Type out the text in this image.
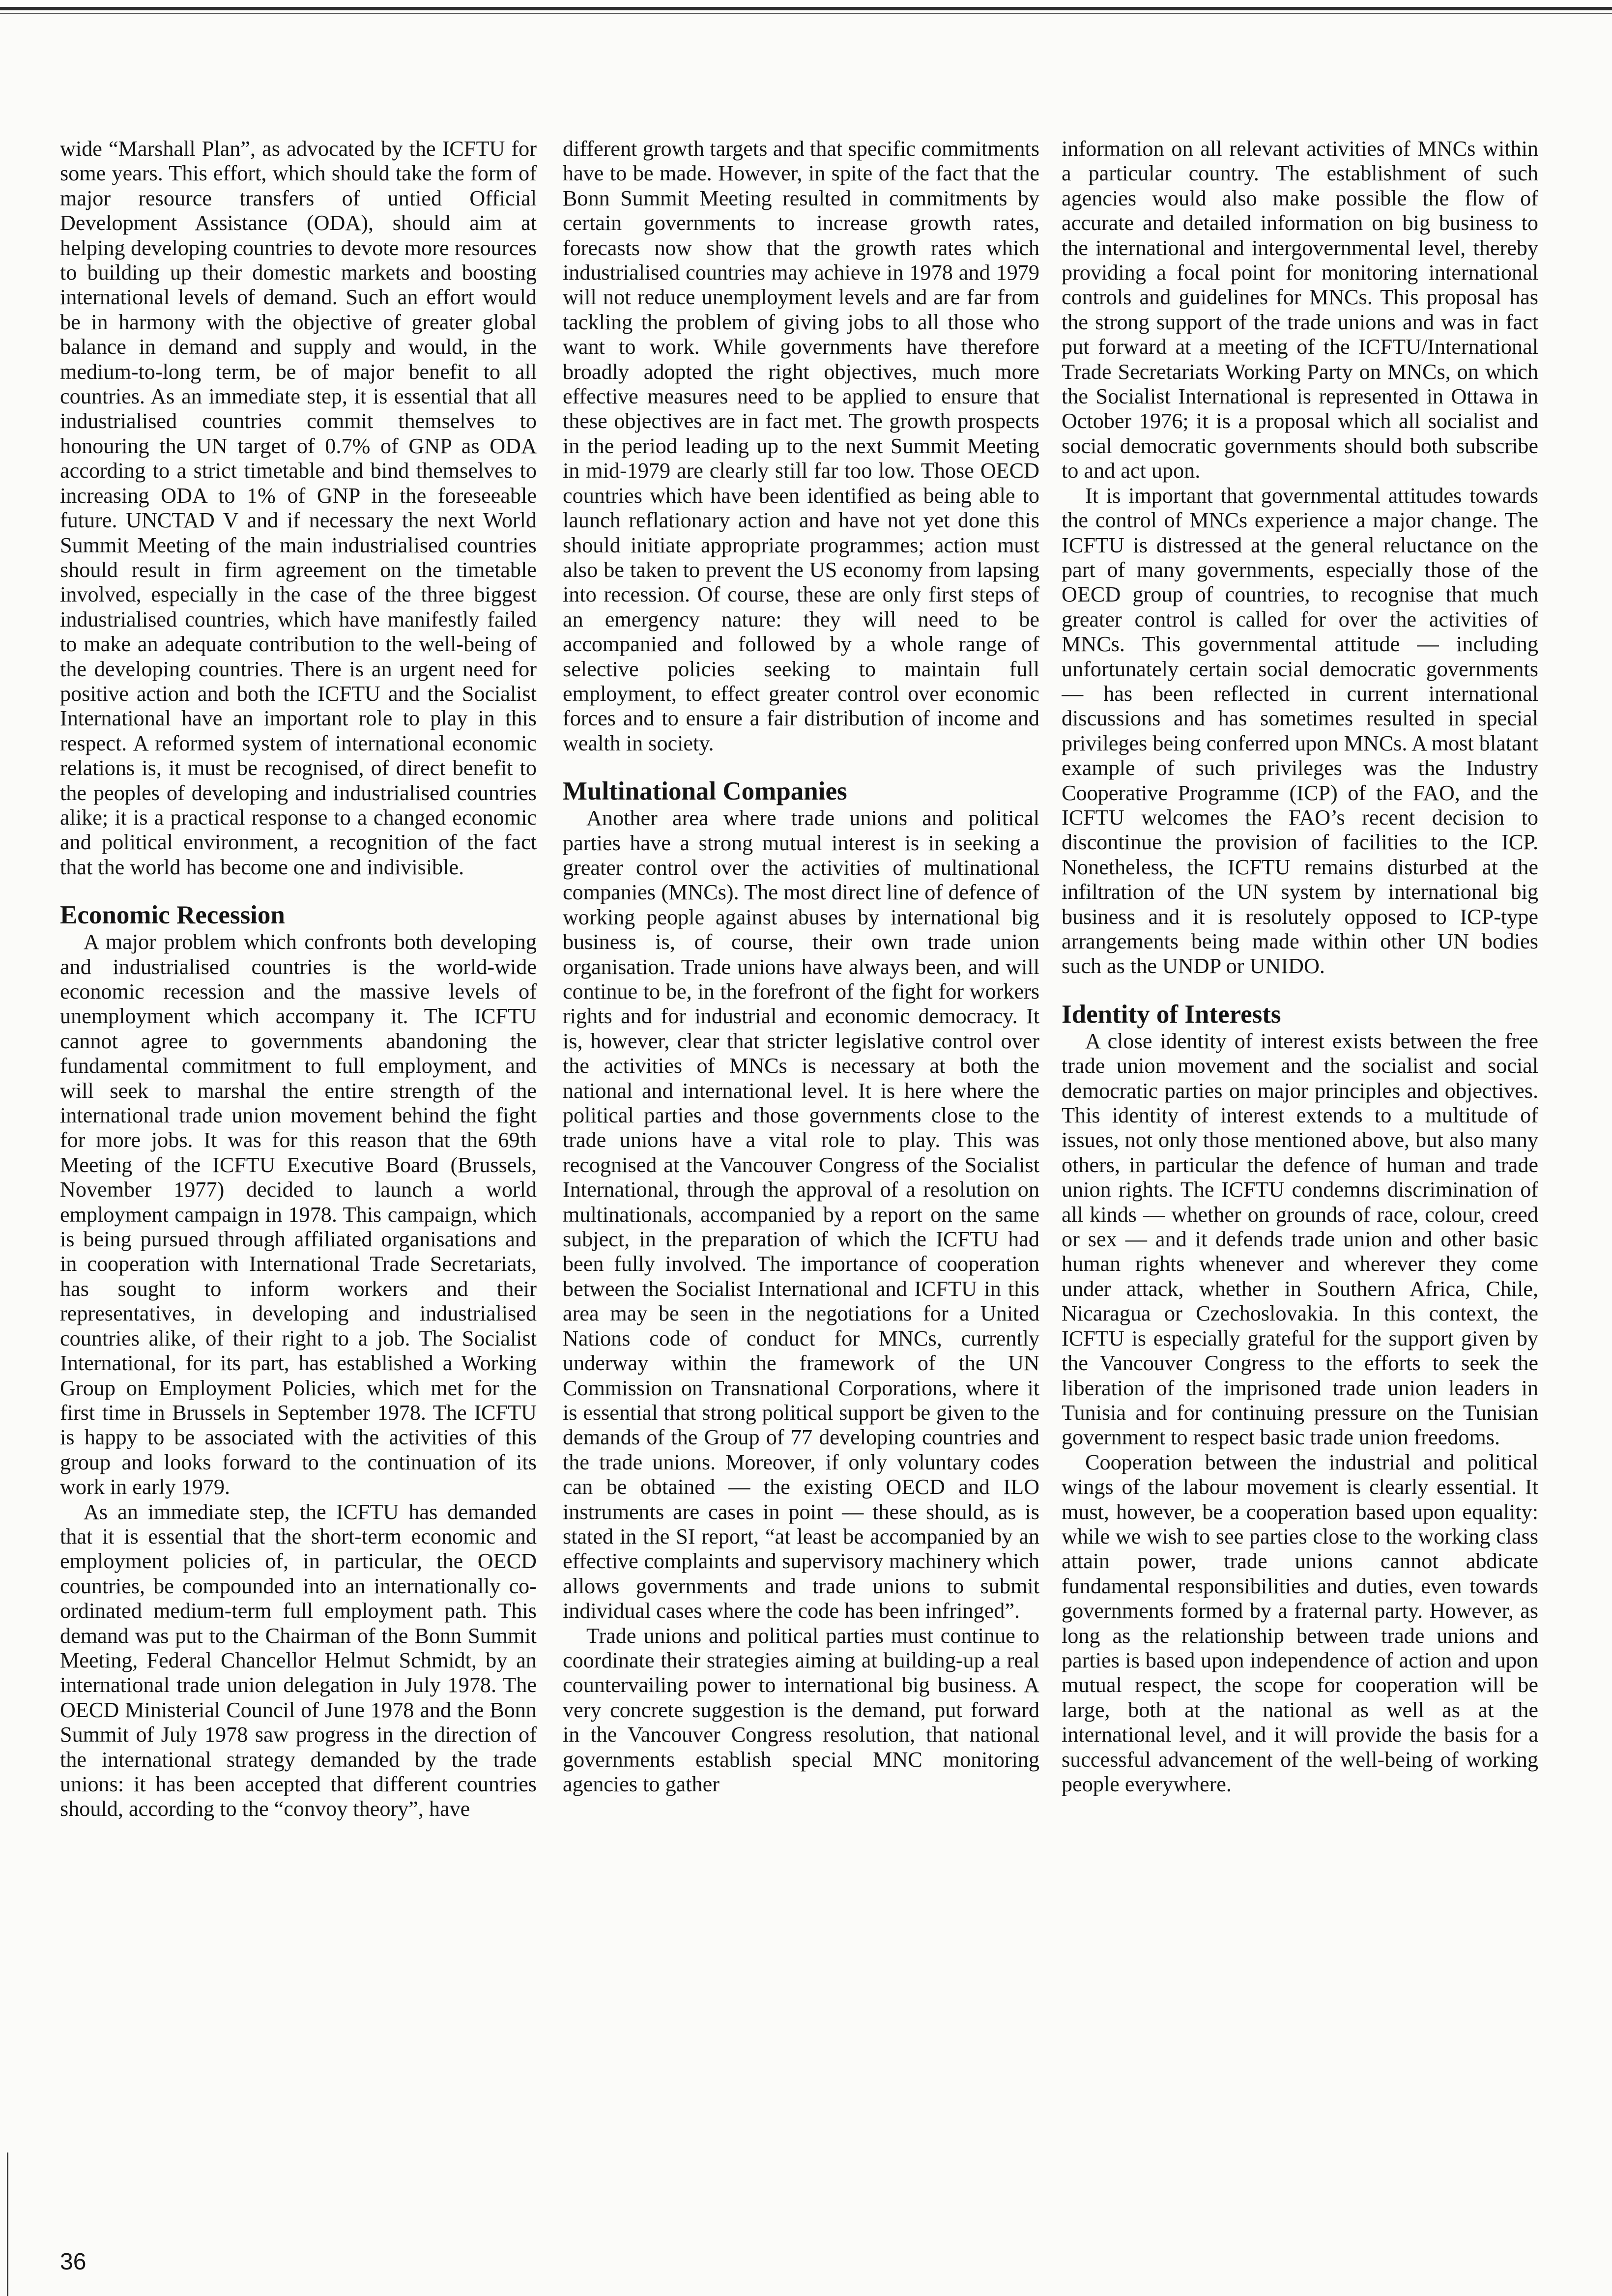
wide “Marshall Plan”, as advocated by the ICFTU for some years. This effort, which should take the form of major resource transfers of untied Official Development Assistance (ODA), should aim at helping developing countries to devote more resources to building up their domestic markets and boosting international levels of demand. Such an effort would be in harmony with the objective of greater global balance in demand and supply and would, in the medium-to-long term, be of major benefit to all countries. As an immediate step, it is essential that all industrialised countries commit themselves to honouring the UN target of 0.7% of GNP as ODA according to a strict timetable and bind themselves to increasing ODA to 1% of GNP in the foreseeable future. UNCTAD V and if necessary the next World Summit Meeting of the main industrialised countries should result in firm agreement on the timetable involved, especially in the case of the three biggest industrialised countries, which have manifestly failed to make an adequate contribution to the well-being of the developing countries. There is an urgent need for positive action and both the ICFTU and the Socialist International have an important role to play in this respect. A reformed system of international economic relations is, it must be recognised, of direct benefit to the peoples of developing and industrialised countries alike; it is a practical response to a changed economic and political environment, a recognition of the fact that the world has become one and indivisible.

Economic Recession

A major problem which confronts both developing and industrialised countries is the world-wide economic recession and the massive levels of unemployment which accompany it. The ICFTU cannot agree to governments abandoning the fundamental commitment to full employment, and will seek to marshal the entire strength of the international trade union movement behind the fight for more jobs. It was for this reason that the 69th Meeting of the ICFTU Executive Board (Brussels, November 1977) decided to launch a world employment campaign in 1978. This campaign, which is being pursued through affiliated organisations and in cooperation with International Trade Secretariats, has sought to inform workers and their representatives, in developing and industrialised countries alike, of their right to a job. The Socialist International, for its part, has established a Working Group on Employment Policies, which met for the first time in Brussels in September 1978. The ICFTU is happy to be associated with the activities of this group and looks forward to the continuation of its work in early 1979.

As an immediate step, the ICFTU has demanded that it is essential that the short-term economic and employment policies of, in particular, the OECD countries, be compounded into an internationally co-ordinated medium-term full employment path. This demand was put to the Chairman of the Bonn Summit Meeting, Federal Chancellor Helmut Schmidt, by an international trade union delegation in July 1978. The OECD Ministerial Council of June 1978 and the Bonn Summit of July 1978 saw progress in the direction of the international strategy demanded by the trade unions: it has been accepted that different countries should, according to the “convoy theory”, have

different growth targets and that specific commitments have to be made. However, in spite of the fact that the Bonn Summit Meeting resulted in commitments by certain governments to increase growth rates, forecasts now show that the growth rates which industrialised countries may achieve in 1978 and 1979 will not reduce unemployment levels and are far from tackling the problem of giving jobs to all those who want to work. While governments have therefore broadly adopted the right objectives, much more effective measures need to be applied to ensure that these objectives are in fact met. The growth prospects in the period leading up to the next Summit Meeting in mid-1979 are clearly still far too low. Those OECD countries which have been identified as being able to launch reflationary action and have not yet done this should initiate appropriate programmes; action must also be taken to prevent the US economy from lapsing into recession. Of course, these are only first steps of an emergency nature: they will need to be accompanied and followed by a whole range of selective policies seeking to maintain full employment, to effect greater control over economic forces and to ensure a fair distribution of income and wealth in society.

Multinational Companies

Another area where trade unions and political parties have a strong mutual interest is in seeking a greater control over the activities of multinational companies (MNCs). The most direct line of defence of working people against abuses by international big business is, of course, their own trade union organisation. Trade unions have always been, and will continue to be, in the forefront of the fight for workers rights and for industrial and economic democracy. It is, however, clear that stricter legislative control over the activities of MNCs is necessary at both the national and international level. It is here where the political parties and those governments close to the trade unions have a vital role to play. This was recognised at the Vancouver Congress of the Socialist International, through the approval of a resolution on multinationals, accompanied by a report on the same subject, in the preparation of which the ICFTU had been fully involved. The importance of cooperation between the Socialist International and ICFTU in this area may be seen in the negotiations for a United Nations code of conduct for MNCs, currently underway within the framework of the UN Commission on Transnational Corporations, where it is essential that strong political support be given to the demands of the Group of 77 developing countries and the trade unions. Moreover, if only voluntary codes can be obtained — the existing OECD and ILO instruments are cases in point — these should, as is stated in the SI report, “at least be accompanied by an effective complaints and supervisory machinery which allows governments and trade unions to submit individual cases where the code has been infringed”.

Trade unions and political parties must continue to coordinate their strategies aiming at building-up a real countervailing power to international big business. A very concrete suggestion is the demand, put forward in the Vancouver Congress resolution, that national governments establish special MNC monitoring agencies to gather

information on all relevant activities of MNCs within a particular country. The establishment of such agencies would also make possible the flow of accurate and detailed information on big business to the international and intergovernmental level, thereby providing a focal point for monitoring international controls and guidelines for MNCs. This proposal has the strong support of the trade unions and was in fact put forward at a meeting of the ICFTU/International Trade Secretariats Working Party on MNCs, on which the Socialist International is represented in Ottawa in October 1976; it is a proposal which all socialist and social democratic governments should both subscribe to and act upon.

It is important that governmental attitudes towards the control of MNCs experience a major change. The ICFTU is distressed at the general reluctance on the part of many governments, especially those of the OECD group of countries, to recognise that much greater control is called for over the activities of MNCs. This governmental attitude — including unfortunately certain social democratic governments — has been reflected in current international discussions and has sometimes resulted in special privileges being conferred upon MNCs. A most blatant example of such privileges was the Industry Cooperative Programme (ICP) of the FAO, and the ICFTU welcomes the FAO’s recent decision to discontinue the provision of facilities to the ICP. Nonetheless, the ICFTU remains disturbed at the infiltration of the UN system by international big business and it is resolutely opposed to ICP-type arrangements being made within other UN bodies such as the UNDP or UNIDO.

Identity of Interests

A close identity of interest exists between the free trade union movement and the socialist and social democratic parties on major principles and objectives. This identity of interest extends to a multitude of issues, not only those mentioned above, but also many others, in particular the defence of human and trade union rights. The ICFTU condemns discrimination of all kinds — whether on grounds of race, colour, creed or sex — and it defends trade union and other basic human rights whenever and wherever they come under attack, whether in Southern Africa, Chile, Nicaragua or Czechoslovakia. In this context, the ICFTU is especially grateful for the support given by the Vancouver Congress to the efforts to seek the liberation of the imprisoned trade union leaders in Tunisia and for continuing pressure on the Tunisian government to respect basic trade union freedoms.

Cooperation between the industrial and political wings of the labour movement is clearly essential. It must, however, be a cooperation based upon equality: while we wish to see parties close to the working class attain power, trade unions cannot abdicate fundamental responsibilities and duties, even towards governments formed by a fraternal party. However, as long as the relationship between trade unions and parties is based upon independence of action and upon mutual respect, the scope for cooperation will be large, both at the national as well as at the international level, and it will provide the basis for a successful advancement of the well-being of working people everywhere.

36
